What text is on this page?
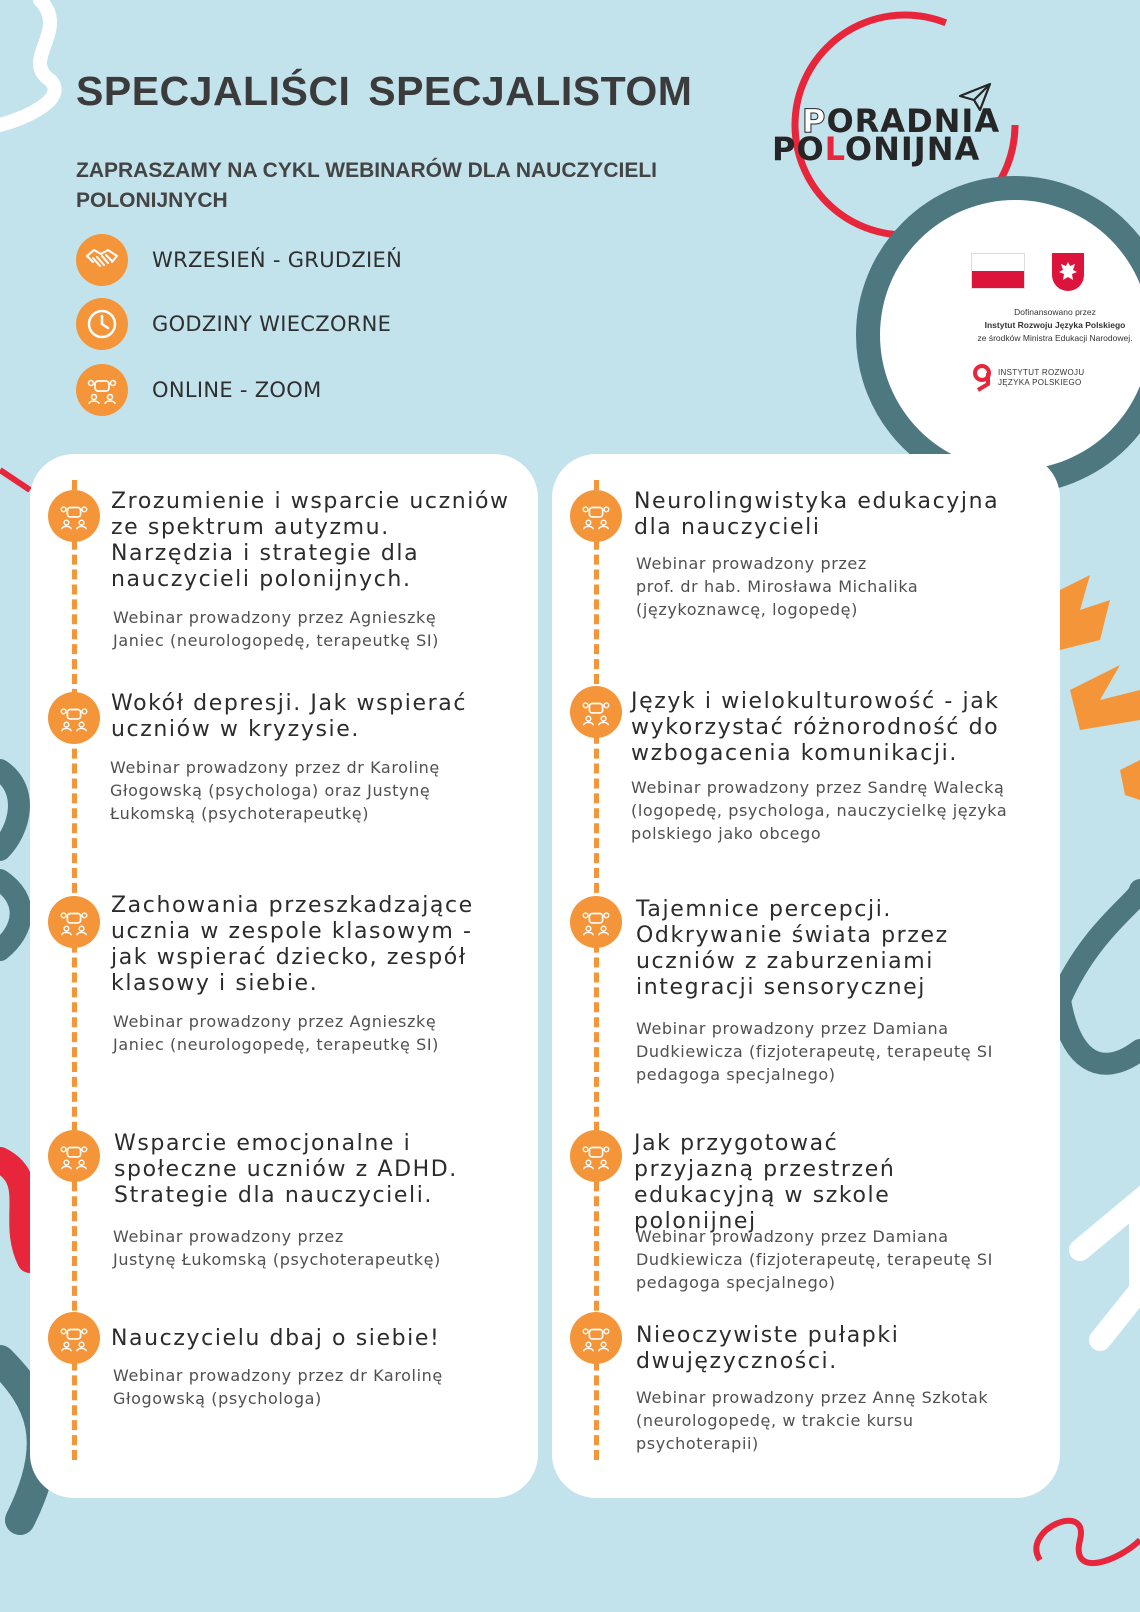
SPECJALIŚCI SPECJALISTOM
ZAPRASZAMY NA CYKL WEBINARÓW DLA NAUCZYCIELI POLONIJNYCH
WRZESIEŃ - GRUDZIEŃ
GODZINY WIECZORNE
ONLINE - ZOOM
PORADNIA
POLONIJNA
Dofinansowano przez
Instytut Rozwoju Języka Polskiego
ze środków Ministra Edukacji Narodowej.
INSTYTUT ROZWOJU JĘZYKA POLSKIEGO
Zrozumienie i wsparcie uczniów ze spektrum autyzmu. Narzędzia i strategie dla nauczycieli polonijnych.

Webinar prowadzony przez Agnieszkę
Janiec (neurologopedę, terapeutkę SI)

Wokół depresji. Jak wspierać uczniów w kryzysie.

Webinar prowadzony przez dr Karolinę
Głogowską (psychologa) oraz Justynę
Łukomską (psychoterapeutkę)

Zachowania przeszkadzające ucznia w zespole klasowym - jak wspierać dziecko, zespół klasowy i siebie.

Webinar prowadzony przez Agnieszkę
Janiec (neurologopedę, terapeutkę SI)

Wsparcie emocjonalne i społeczne uczniów z ADHD. Strategie dla nauczycieli.

Webinar prowadzony przez
Justynę Łukomską (psychoterapeutkę)

Nauczycielu dbaj o siebie!

Webinar prowadzony przez dr Karolinę
Głogowską (psychologa)

Neurolingwistyka edukacyjna dla nauczycieli

Webinar prowadzony przez
prof. dr hab. Mirosława Michalika
(językoznawcę, logopedę)

Język i wielokulturowość - jak wykorzystać różnorodność do wzbogacenia komunikacji.

Webinar prowadzony przez Sandrę Walecką
(logopedę, psychologa, nauczycielkę języka
polskiego jako obcego

Tajemnice percepcji. Odkrywanie świata przez uczniów z zaburzeniami integracji sensorycznej

Webinar prowadzony przez Damiana
Dudkiewicza (fizjoterapeutę, terapeutę SI
pedagoga specjalnego)

Jak przygotować przyjazną przestrzeń edukacyjną w szkole polonijnej

Webinar prowadzony przez Damiana
Dudkiewicza (fizjoterapeutę, terapeutę SI
pedagoga specjalnego)

Nieoczywiste pułapki dwujęzyczności.

Webinar prowadzony przez Annę Szkotak
(neurologopedę, w trakcie kursu
psychoterapii)
